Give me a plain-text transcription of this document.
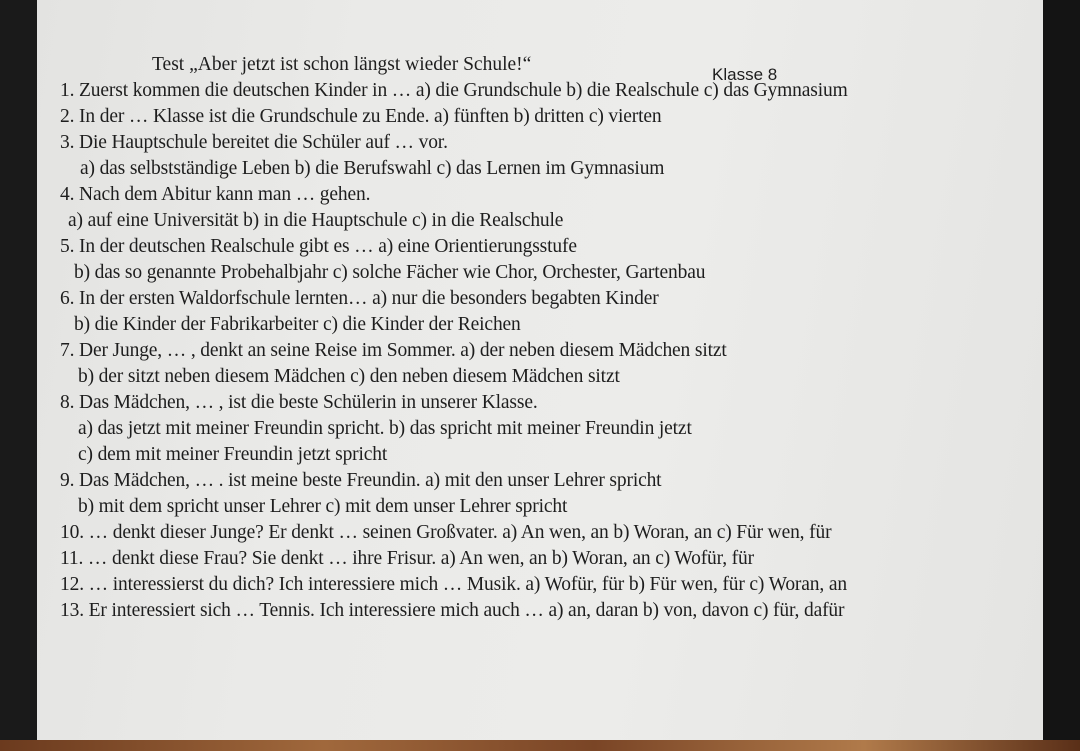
Test „Aber jetzt ist schon längst wieder Schule!“	Klasse 8
1. Zuerst kommen die deutschen Kinder in … a) die Grundschule b) die Realschule c) das Gymnasium
2. In der … Klasse ist die Grundschule zu Ende. a) fünften b) dritten c) vierten
3. Die Hauptschule bereitet die Schüler auf … vor.
a) das selbstständige Leben b) die Berufswahl c) das Lernen im Gymnasium
4. Nach dem Abitur kann man … gehen.
a) auf eine Universität b) in die Hauptschule c) in die Realschule
5. In der deutschen Realschule gibt es … a) eine Orientierungsstufe
b) das so genannte Probehalbjahr c) solche Fächer wie Chor, Orchester, Gartenbau
6. In der ersten Waldorfschule lernten… a) nur die besonders begabten Kinder
b) die Kinder der Fabrikarbeiter c) die Kinder der Reichen
7. Der Junge, … , denkt an seine Reise im Sommer. a) der neben diesem Mädchen sitzt
b) der sitzt neben diesem Mädchen c) den neben diesem Mädchen sitzt
8. Das Mädchen, … , ist die beste Schülerin in unserer Klasse.
a) das jetzt mit meiner Freundin spricht. b) das spricht mit meiner Freundin jetzt
c) dem mit meiner Freundin jetzt spricht
9. Das Mädchen, … . ist meine beste Freundin. a) mit den unser Lehrer spricht
b) mit dem spricht unser Lehrer c) mit dem unser Lehrer spricht
10. … denkt dieser Junge? Er denkt … seinen Großvater. a) An wen, an b) Woran, an c) Für wen, für
11. … denkt diese Frau? Sie denkt … ihre Frisur. a) An wen, an b) Woran, an c) Wofür, für
12. … interessierst du dich? Ich interessiere mich … Musik. a) Wofür, für b) Für wen, für c) Woran, an
13. Er interessiert sich … Tennis. Ich interessiere mich auch … a) an, daran b) von, davon c) für, dafür
